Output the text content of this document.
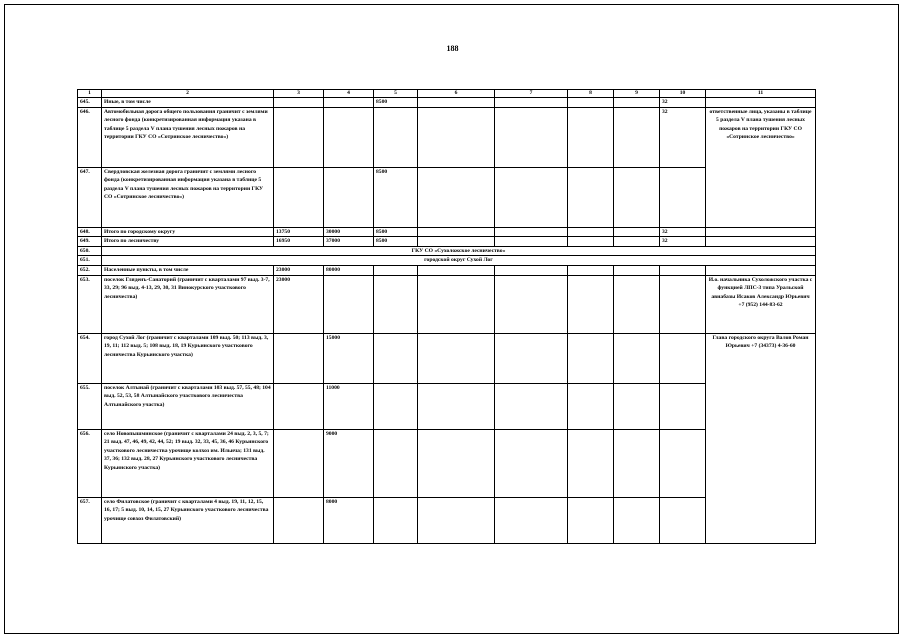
188
1	2	3	4	5	6	7	8	9	10	11
645.	Иные, в том числе			8500					32	
646.	Автомобильная дорога общего пользования граничит с землями лесного фонда (конкретизированная информация указана в таблице 5 раздела V плана тушения лесных пожаров на территории ГКУ СО «Сотринское лесничество»)								32	ответственные лица, указаны в таблице 5 раздела V плана тушения лесных пожаров на территории ГКУ СО «Сотринское лесничество»
647.	Свердловская железная дорога граничит с землями лесного фонда (конкретизированная информация указана в таблице 5 раздела V плана тушения лесных пожаров на территории ГКУ СО «Сотринское лесничество»)			8500						
648.	Итого по городскому округу	13750	30000	8500					32	
649.	Итого по лесничеству	16950	37000	8500					32	
650.	ГКУ СО «Сухоложское лесничество»									
651.	городской округ Сухой Лог									
652.	Населенные пункты, в том числе	23000	80000							
653.	поселок Гляденъ-Санаторий (граничит с кварталами 97 выд. 3-7, 33, 29; 96 выд. 4-13, 29, 30, 31 Винокурского участкового лесничества)	23000								И.о. начальника Сухоложского участка с функцией ЛПС-3 типа Уральской авиабазы Исаков Александр Юрьевич +7 (952) 144-83-62
654.	город Сухой Лог (граничит с кварталами 109 выд. 50; 113 выд. 3, 19, 11; 112 выд. 5; 108 выд. 18, 19 Курьинского участкового лесничества Курьинского участка)		15000							Глава городского округа Валов Роман Юрьевич +7 (34373) 4-36-60
655.	поселок Алтынай (граничит с кварталами 103 выд. 57, 55, 48; 104 выд. 52, 53, 58 Алтынайского участкового лесничества Алтынайского участка)		11000							
656.	село Новопышминское (граничит с кварталами 24 выд. 2, 3, 5, 7; 21 выд. 47, 46, 49, 42, 44, 52; 19 выд. 32, 33, 45, 36, 46 Курьинского участкового лесничества урочище колхоз им. Ильича; 131 выд. 37, 36; 132 выд. 28, 27 Курьинского участкового лесничества Курьинского участка)		9000							
657.	село Филатовское (граничит с кварталами 4 выд. 19, 11, 12, 15, 16, 17; 5 выд. 10, 14, 15, 27 Курьинского участкового лесничества урочище совхоз Филатовский)		8000							
